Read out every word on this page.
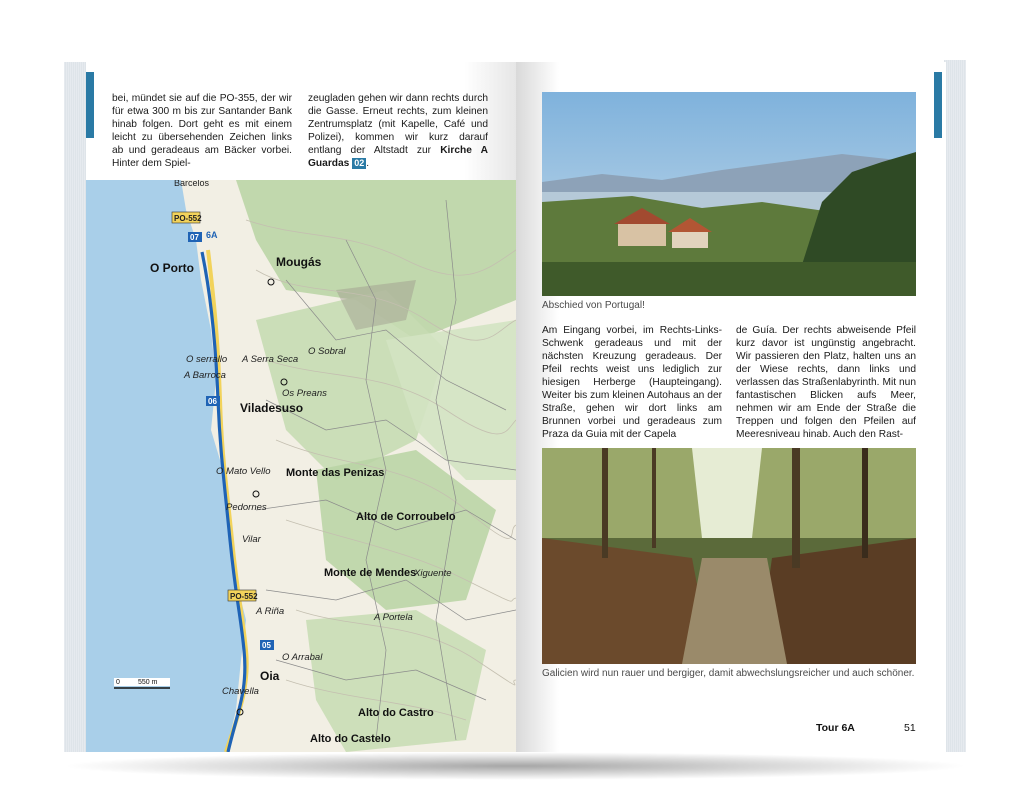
bei, mündet sie auf die PO-355, der wir für etwa 300 m bis zur Santander Bank hinab folgen. Dort geht es mit einem leicht zu übersehenden Zeichen links ab und geradeaus am Bäcker vorbei. Hinter dem Spiel-

zeugladen gehen wir dann rechts durch die Gasse. Erneut rechts, zum kleinen Zentrumsplatz (mit Kapelle, Café und Polizei), kommen wir kurz darauf entlang der Altstadt zur Kirche A Guardas 02 .

Barcelos
PO-552
07 6A
O Porto	Mougás
O serrallo A Serra Seca
O Sobral
A Barroca
Os Preans
06 Viladesuso
O Mato Vello Monte das Penizas
Alto de Corroubelo
Pedornes
Vilar
Monte de Mendes
Xiguente
PO-552
A Riña
A Portela
05
O Arrabal
Oia
Chavella
Alto do Castro
Alto do Castelo
0	550 m
Abschied von Portugal!

Am Eingang vorbei, im Rechts-Links-Schwenk geradeaus und mit der nächsten Kreuzung geradeaus. Der Pfeil rechts weist uns lediglich zur hiesigen Herberge (Haupteingang). Weiter bis zum kleinen Autohaus an der Straße, gehen wir dort links am Brunnen vorbei und geradeaus zum Praza da Guia mit der Capela

de Guía. Der rechts abweisende Pfeil kurz davor ist ungünstig angebracht. Wir passieren den Platz, halten uns an der Wiese rechts, dann links und verlassen das Straßenlabyrinth. Mit nun fantastischen Blicken aufs Meer, nehmen wir am Ende der Straße die Treppen und folgen den Pfeilen auf Meeresniveau hinab. Auch den Rast-

Galicien wird nun rauer und bergiger, damit abwechslungsreicher und auch schöner.
Tour 6A	51
